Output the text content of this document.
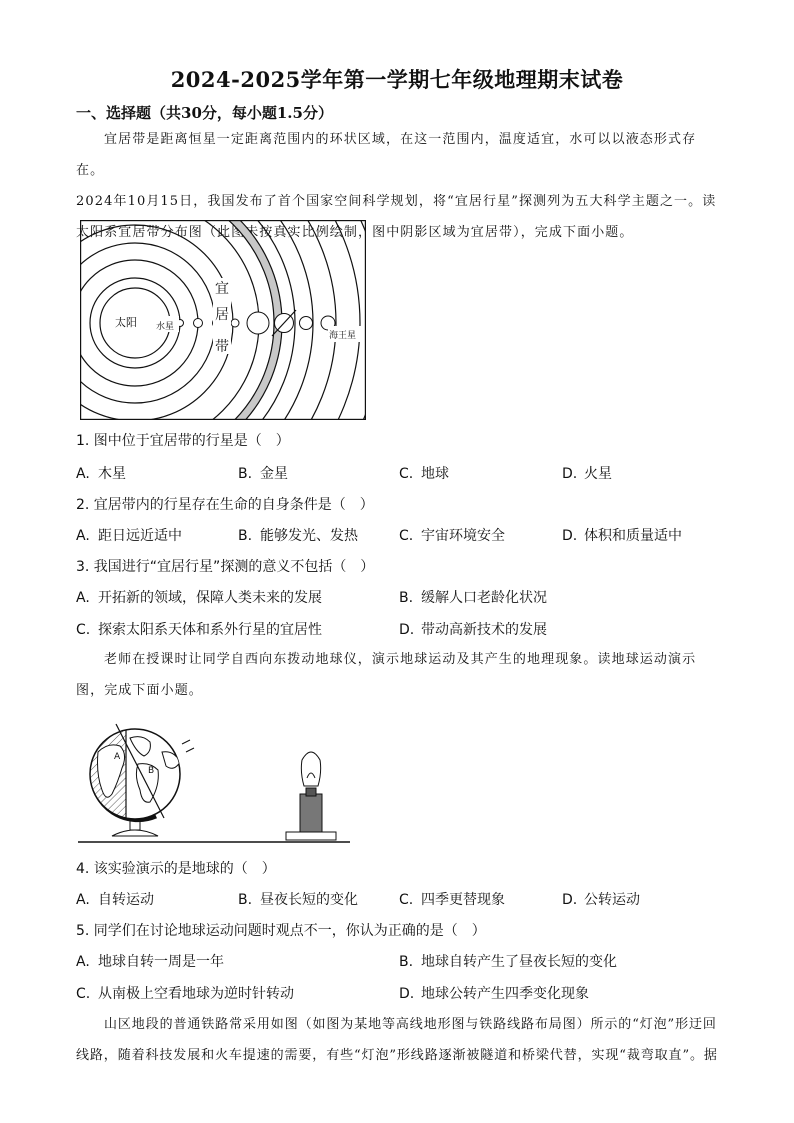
2024-2025学年第一学期七年级地理期末试卷
一、选择题（共30分，每小题1.5分）
宜居带是距离恒星一定距离范围内的环状区域，在这一范围内，温度适宜，水可以以液态形式存在。
2024年10月15日，我国发布了首个国家空间科学规划，将“宜居行星”探测列为五大科学主题之一。读
太阳系宜居带分布图（此图未按真实比例绘制，图中阴影区域为宜居带），完成下面小题。
太阳 水星
宜
居
带
海王星
1. 图中位于宜居带的行星是（　）
A. 木星	B. 金星	C. 地球	D. 火星
2. 宜居带内的行星存在生命的自身条件是（　）
A. 距日远近适中	B. 能够发光、发热	C. 宇宙环境安全	D. 体积和质量适中
3. 我国进行“宜居行星”探测的意义不包括（　）
A. 开拓新的领域，保障人类未来的发展	B. 缓解人口老龄化状况
C. 探索太阳系天体和系外行星的宜居性	D. 带动高新技术的发展
老师在授课时让同学自西向东拨动地球仪，演示地球运动及其产生的地理现象。读地球运动演示
图，完成下面小题。
A
B
4. 该实验演示的是地球的（　）
A. 自转运动	B. 昼夜长短的变化	C. 四季更替现象	D. 公转运动
5. 同学们在讨论地球运动问题时观点不一，你认为正确的是（　）
A. 地球自转一周是一年	B. 地球自转产生了昼夜长短的变化
C. 从南极上空看地球为逆时针转动	D. 地球公转产生四季变化现象
山区地段的普通铁路常采用如图（如图为某地等高线地形图与铁路线路布局图）所示的“灯泡”形迂回
线路，随着科技发展和火车提速的需要，有些“灯泡”形线路逐渐被隧道和桥梁代替，实现“裁弯取直”。据
